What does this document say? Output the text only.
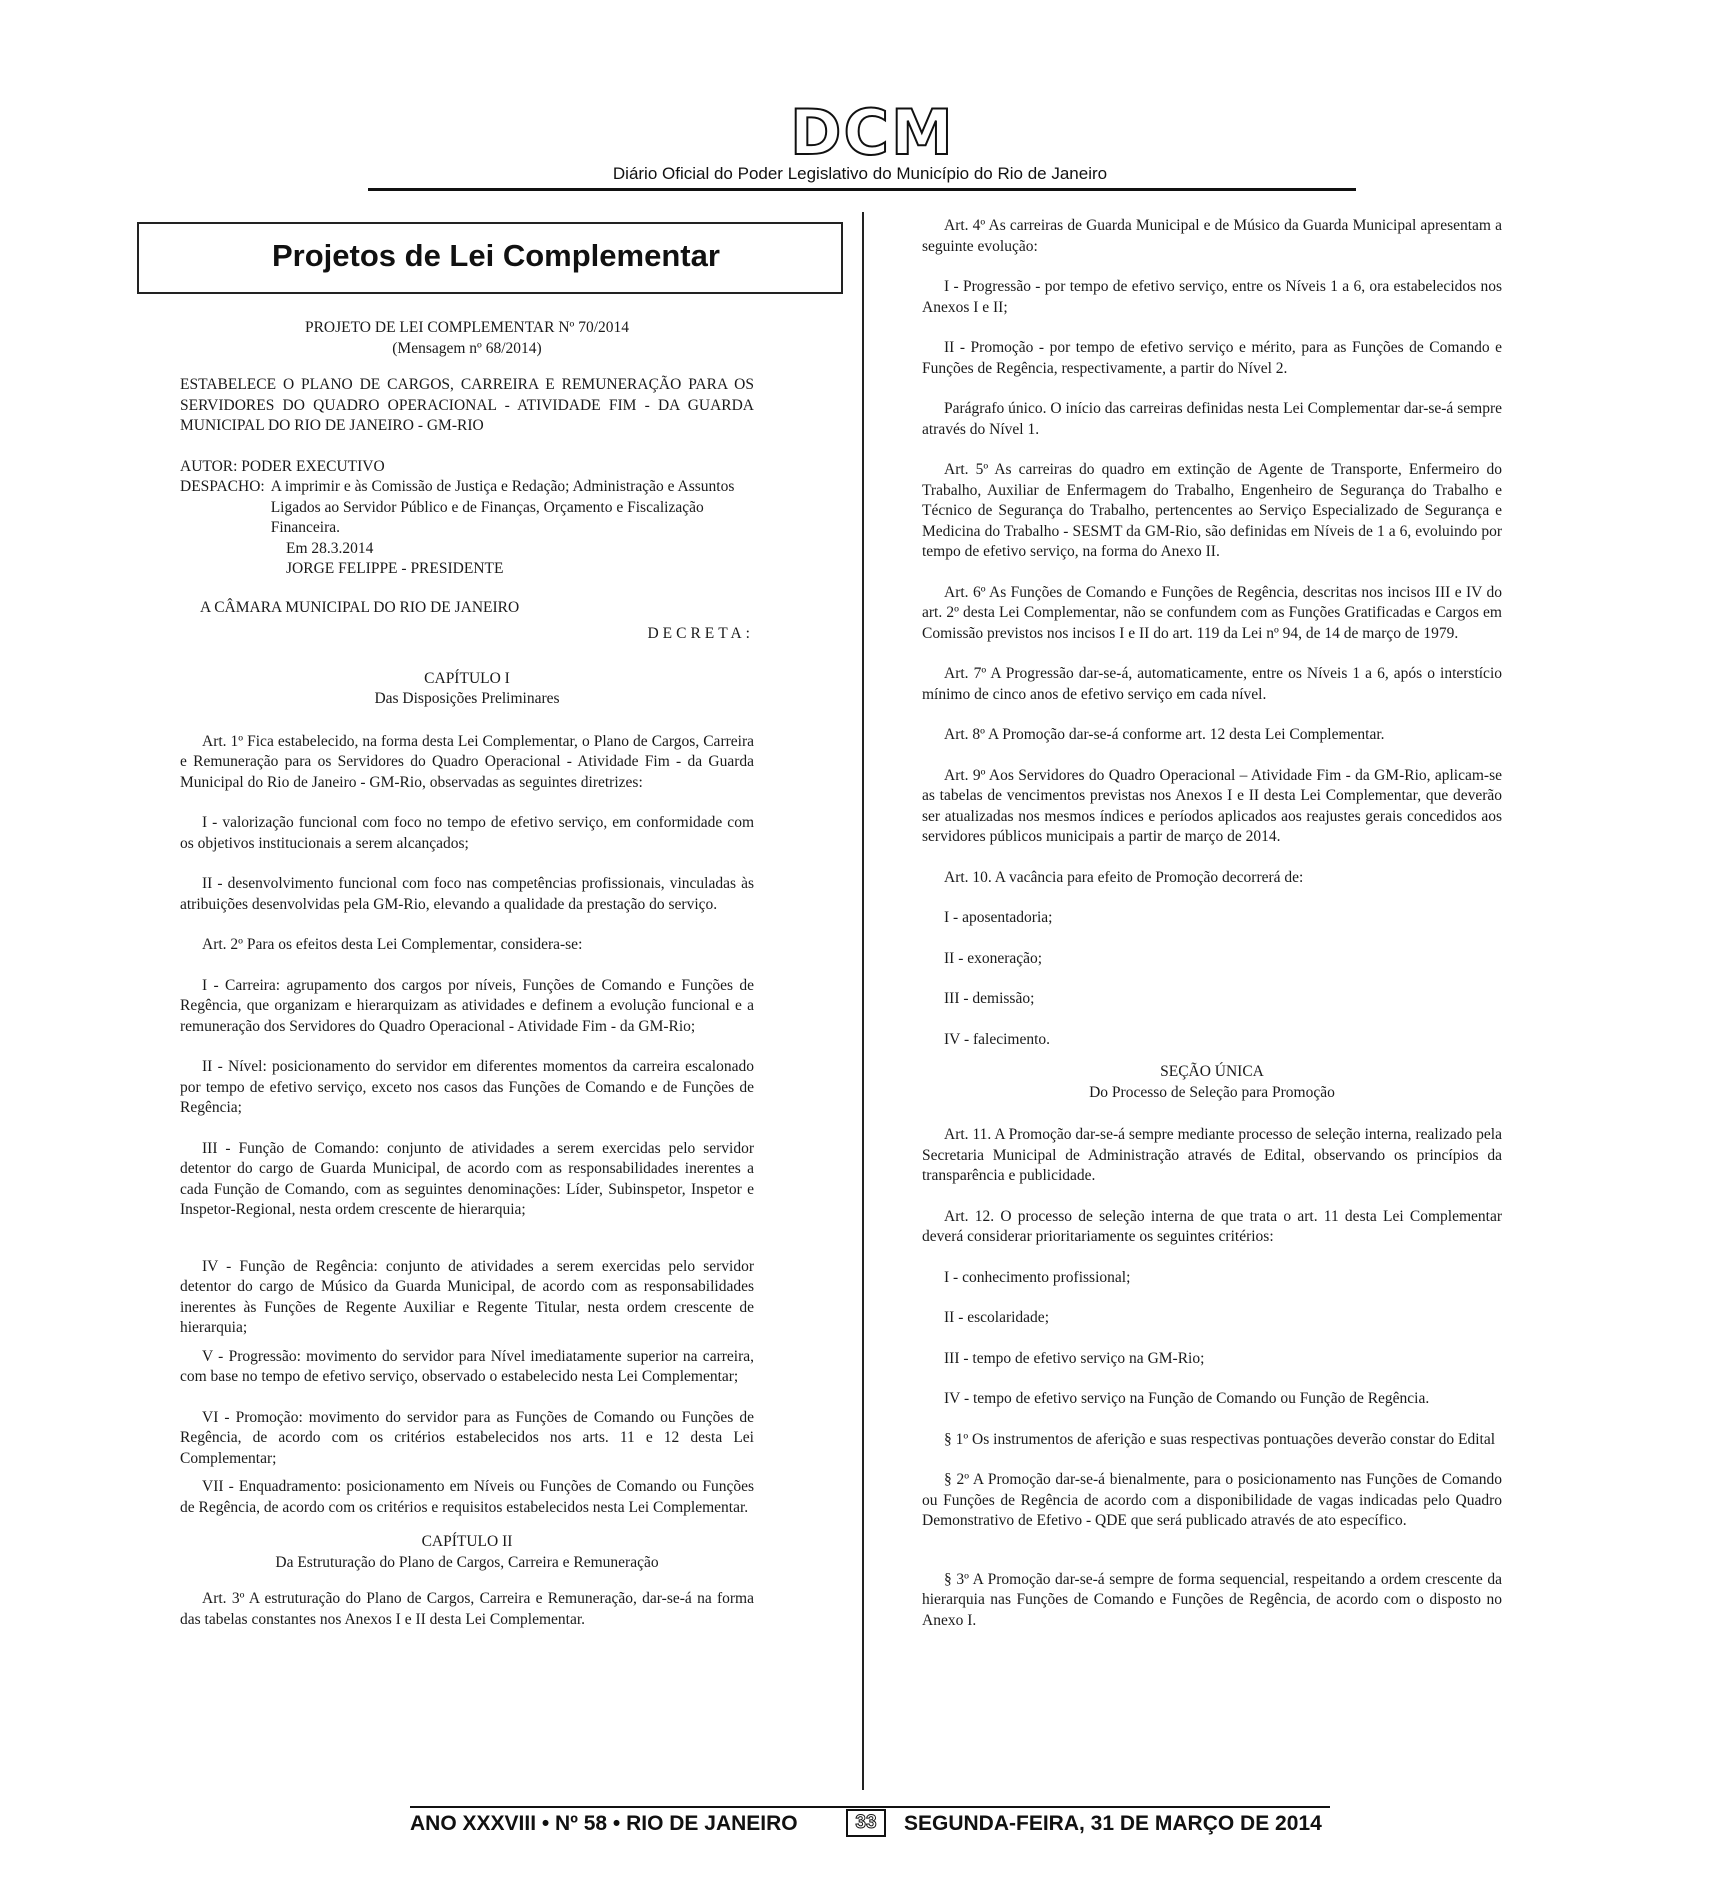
DCM
Diário Oficial do Poder Legislativo do Município do Rio de Janeiro
Projetos de Lei Complementar
PROJETO DE LEI COMPLEMENTAR Nº 70/2014
(Mensagem nº 68/2014)
ESTABELECE O PLANO DE CARGOS, CARREIRA E REMUNERAÇÃO PARA OS SERVIDORES DO QUADRO OPERACIONAL - ATIVIDADE FIM - DA GUARDA MUNICIPAL DO RIO DE JANEIRO - GM-RIO
AUTOR: PODER EXECUTIVO
DESPACHO: A imprimir e às Comissão de Justiça e Redação; Administração e Assuntos Ligados ao Servidor Público e de Finanças, Orçamento e Fiscalização Financeira.
Em 28.3.2014
JORGE FELIPPE - PRESIDENTE
A CÂMARA MUNICIPAL DO RIO DE JANEIRO
DECRETA:
CAPÍTULO I
Das Disposições Preliminares

Art. 1º Fica estabelecido, na forma desta Lei Complementar, o Plano de Cargos, Carreira e Remuneração para os Servidores do Quadro Operacional - Atividade Fim - da Guarda Municipal do Rio de Janeiro - GM-Rio, observadas as seguintes diretrizes:

I - valorização funcional com foco no tempo de efetivo serviço, em conformidade com os objetivos institucionais a serem alcançados;

II - desenvolvimento funcional com foco nas competências profissionais, vinculadas às atribuições desenvolvidas pela GM-Rio, elevando a qualidade da prestação do serviço.

Art. 2º Para os efeitos desta Lei Complementar, considera-se:

I - Carreira: agrupamento dos cargos por níveis, Funções de Comando e Funções de Regência, que organizam e hierarquizam as atividades e definem a evolução funcional e a remuneração dos Servidores do Quadro Operacional - Atividade Fim - da GM-Rio;

II - Nível: posicionamento do servidor em diferentes momentos da carreira escalonado por tempo de efetivo serviço, exceto nos casos das Funções de Comando e de Funções de Regência;

III - Função de Comando: conjunto de atividades a serem exercidas pelo servidor detentor do cargo de Guarda Municipal, de acordo com as responsabilidades inerentes a cada Função de Comando, com as seguintes denominações: Líder, Subinspetor, Inspetor e Inspetor-Regional, nesta ordem crescente de hierarquia;

IV - Função de Regência: conjunto de atividades a serem exercidas pelo servidor detentor do cargo de Músico da Guarda Municipal, de acordo com as responsabilidades inerentes às Funções de Regente Auxiliar e Regente Titular, nesta ordem crescente de hierarquia;

V - Progressão: movimento do servidor para Nível imediatamente superior na carreira, com base no tempo de efetivo serviço, observado o estabelecido nesta Lei Complementar;

VI - Promoção: movimento do servidor para as Funções de Comando ou Funções de Regência, de acordo com os critérios estabelecidos nos arts. 11 e 12 desta Lei Complementar;

VII - Enquadramento: posicionamento em Níveis ou Funções de Comando ou Funções de Regência, de acordo com os critérios e requisitos estabelecidos nesta Lei Complementar.

CAPÍTULO II
Da Estruturação do Plano de Cargos, Carreira e Remuneração

Art. 3º A estruturação do Plano de Cargos, Carreira e Remuneração, dar-se-á na forma das tabelas constantes nos Anexos I e II desta Lei Complementar.

Art. 4º As carreiras de Guarda Municipal e de Músico da Guarda Municipal apresentam a seguinte evolução:

I - Progressão - por tempo de efetivo serviço, entre os Níveis 1 a 6, ora estabelecidos nos Anexos I e II;

II - Promoção - por tempo de efetivo serviço e mérito, para as Funções de Comando e Funções de Regência, respectivamente, a partir do Nível 2.

Parágrafo único. O início das carreiras definidas nesta Lei Complementar dar-se-á sempre através do Nível 1.

Art. 5º As carreiras do quadro em extinção de Agente de Transporte, Enfermeiro do Trabalho, Auxiliar de Enfermagem do Trabalho, Engenheiro de Segurança do Trabalho e Técnico de Segurança do Trabalho, pertencentes ao Serviço Especializado de Segurança e Medicina do Trabalho - SESMT da GM-Rio, são definidas em Níveis de 1 a 6, evoluindo por tempo de efetivo serviço, na forma do Anexo II.

Art. 6º As Funções de Comando e Funções de Regência, descritas nos incisos III e IV do art. 2º desta Lei Complementar, não se confundem com as Funções Gratificadas e Cargos em Comissão previstos nos incisos I e II do art. 119 da Lei nº 94, de 14 de março de 1979.

Art. 7º A Progressão dar-se-á, automaticamente, entre os Níveis 1 a 6, após o interstício mínimo de cinco anos de efetivo serviço em cada nível.

Art. 8º A Promoção dar-se-á conforme art. 12 desta Lei Complementar.

Art. 9º Aos Servidores do Quadro Operacional – Atividade Fim - da GM-Rio, aplicam-se as tabelas de vencimentos previstas nos Anexos I e II desta Lei Complementar, que deverão ser atualizadas nos mesmos índices e períodos aplicados aos reajustes gerais concedidos aos servidores públicos municipais a partir de março de 2014.

Art. 10. A vacância para efeito de Promoção decorrerá de:

I - aposentadoria;

II - exoneração;

III - demissão;

IV - falecimento.

SEÇÃO ÚNICA
Do Processo de Seleção para Promoção

Art. 11. A Promoção dar-se-á sempre mediante processo de seleção interna, realizado pela Secretaria Municipal de Administração através de Edital, observando os princípios da transparência e publicidade.

Art. 12. O processo de seleção interna de que trata o art. 11 desta Lei Complementar deverá considerar prioritariamente os seguintes critérios:

I - conhecimento profissional;

II - escolaridade;

III - tempo de efetivo serviço na GM-Rio;

IV - tempo de efetivo serviço na Função de Comando ou Função de Regência.

§ 1º Os instrumentos de aferição e suas respectivas pontuações deverão constar do Edital

§ 2º A Promoção dar-se-á bienalmente, para o posicionamento nas Funções de Comando ou Funções de Regência de acordo com a disponibilidade de vagas indicadas pelo Quadro Demonstrativo de Efetivo - QDE que será publicado através de ato específico.

§ 3º A Promoção dar-se-á sempre de forma sequencial, respeitando a ordem crescente da hierarquia nas Funções de Comando e Funções de Regência, de acordo com o disposto no Anexo I.

ANO XXXVIII • Nº 58 • RIO DE JANEIRO	33	SEGUNDA-FEIRA, 31 DE MARÇO DE 2014
